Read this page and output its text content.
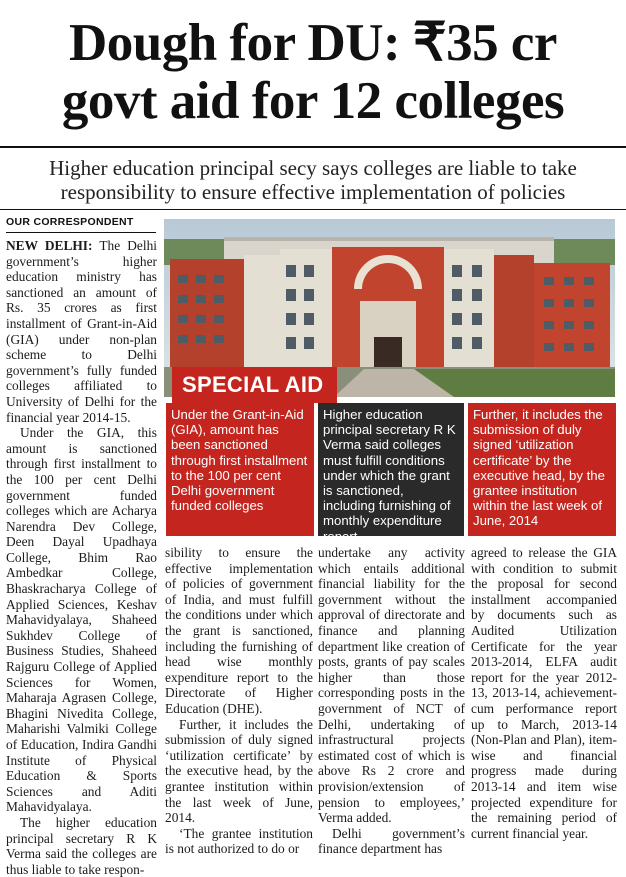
Dough for DU: ₹35 cr
govt aid for 12 colleges
Higher education principal secy says colleges are liable to take
responsibility to ensure effective implementation of policies
OUR CORRESPONDENT

NEW DELHI: The Delhi government’s higher education ministry has sanctioned an amount of Rs. 35 crores as first installment of Grant-in-Aid (GIA) under non-plan scheme to Delhi government’s fully funded colleges affiliated to University of Delhi for the financial year 2014-15.

Under the GIA, this amount is sanctioned through first installment to the 100 per cent Delhi government funded colleges which are Acharya Narendra Dev College, Deen Dayal Upadhaya College, Bhim Rao Ambedkar College, Bhaskracharya College of Applied Sciences, Keshav Mahavidyalaya, Shaheed Sukhdev College of Business Studies, Shaheed Rajguru College of Applied Sciences for Women, Maharaja Agrasen College, Bhagini Nivedita College, Maharishi Valmiki College of Education, Indira Gandhi Institute of Physical Education & Sports Sciences and Aditi Mahavidyalaya.

The higher education principal secretary R K Verma said the colleges are thus liable to take respon-

SPECIAL AID
Under the Grant-in-Aid (GIA), amount has been sanctioned through first installment to the 100 per cent Delhi government funded colleges
Higher education principal secretary R K Verma said colleges must fulfill conditions under which the grant is sanctioned, including furnishing of monthly expenditure report
Further, it includes the submission of duly signed ‘utilization certificate’ by the executive head, by the grantee institution within the last week of June, 2014

sibility to ensure the effective implementation of policies of government of India, and must fulfill the conditions under which the grant is sanctioned, including the furnishing of head wise monthly expenditure report to the Directorate of Higher Education (DHE).

Further, it includes the submission of duly signed ‘utilization certificate’ by the executive head, by the grantee institution within the last week of June, 2014.

‘The grantee institution is not authorized to do or

undertake any activity which entails additional financial liability for the government without the approval of directorate and finance and planning department like creation of posts, grants of pay scales higher than those corresponding posts in the government of NCT of Delhi, undertaking of infrastructural projects estimated cost of which is above Rs 2 crore and provision/extension of pension to employees,’ Verma added.

Delhi government’s finance department has

agreed to release the GIA with condition to submit the proposal for second installment accompanied by documents such as Audited Utilization Certificate for the year 2013-2014, ELFA audit report for the year 2012-13, 2013-14, achievement-cum performance report up to March, 2013-14 (Non-Plan and Plan), item-wise and financial progress made during 2013-14 and item wise projected expenditure for the remaining period of current financial year.
